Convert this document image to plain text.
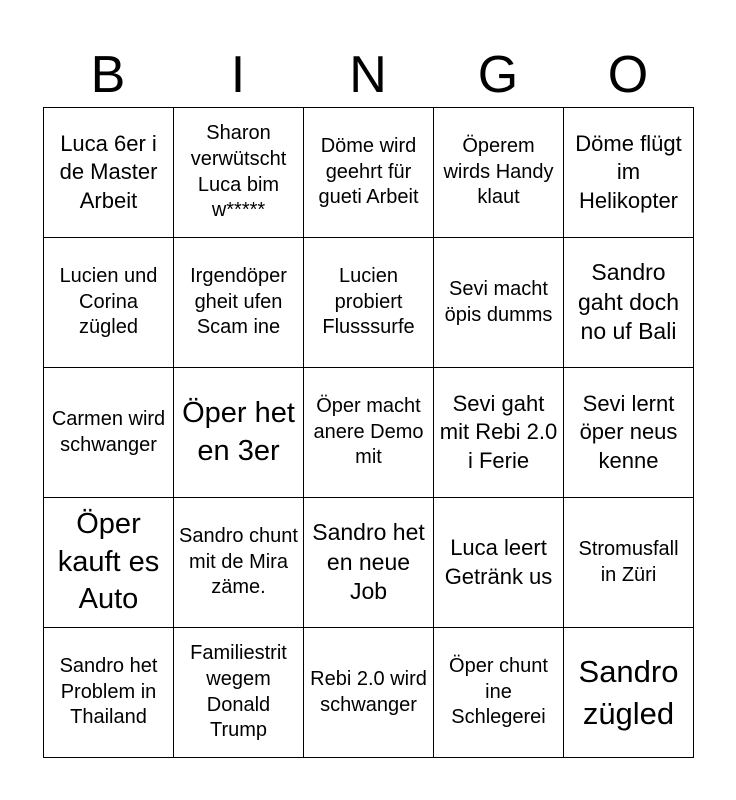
B	I	N	G	O
Luca 6er i de Master Arbeit	Sharon verwütscht Luca bim w*****	Döme wird geehrt für gueti Arbeit	Öperem wirds Handy klaut	Döme flügt im Helikopter
Lucien und Corina zügled	Irgendöper gheit ufen Scam ine	Lucien probiert Flusssurfe	Sevi macht öpis dumms	Sandro gaht doch no uf Bali
Carmen wird schwanger	Öper het en 3er	Öper macht anere Demo mit	Sevi gaht mit Rebi 2.0 i Ferie	Sevi lernt öper neus kenne
Öper kauft es Auto	Sandro chunt mit de Mira zäme.	Sandro het en neue Job	Luca leert Getränk us	Stromusfall in Züri
Sandro het Problem in Thailand	Familiestrit wegem Donald Trump	Rebi 2.0 wird schwanger	Öper chunt ine Schlegerei	Sandro zügled
